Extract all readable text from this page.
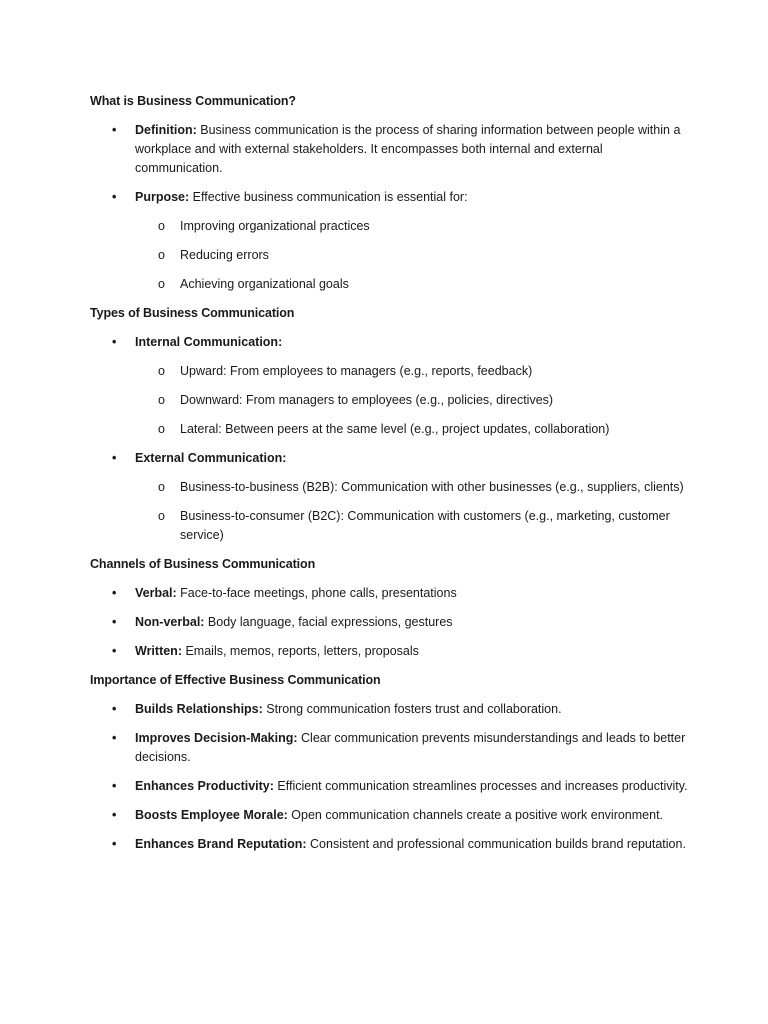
What is Business Communication?
• Definition: Business communication is the process of sharing information between people within a workplace and with external stakeholders. It encompasses both internal and external communication.
• Purpose: Effective business communication is essential for:
o Improving organizational practices
o Reducing errors
o Achieving organizational goals
Types of Business Communication
• Internal Communication:
o Upward: From employees to managers (e.g., reports, feedback)
o Downward: From managers to employees (e.g., policies, directives)
o Lateral: Between peers at the same level (e.g., project updates, collaboration)
• External Communication:
o Business-to-business (B2B): Communication with other businesses (e.g., suppliers, clients)
o Business-to-consumer (B2C): Communication with customers (e.g., marketing, customer service)
Channels of Business Communication
• Verbal: Face-to-face meetings, phone calls, presentations
• Non-verbal: Body language, facial expressions, gestures
• Written: Emails, memos, reports, letters, proposals
Importance of Effective Business Communication
• Builds Relationships: Strong communication fosters trust and collaboration.
• Improves Decision-Making: Clear communication prevents misunderstandings and leads to better decisions.
• Enhances Productivity: Efficient communication streamlines processes and increases productivity.
• Boosts Employee Morale: Open communication channels create a positive work environment.
• Enhances Brand Reputation: Consistent and professional communication builds brand reputation.
